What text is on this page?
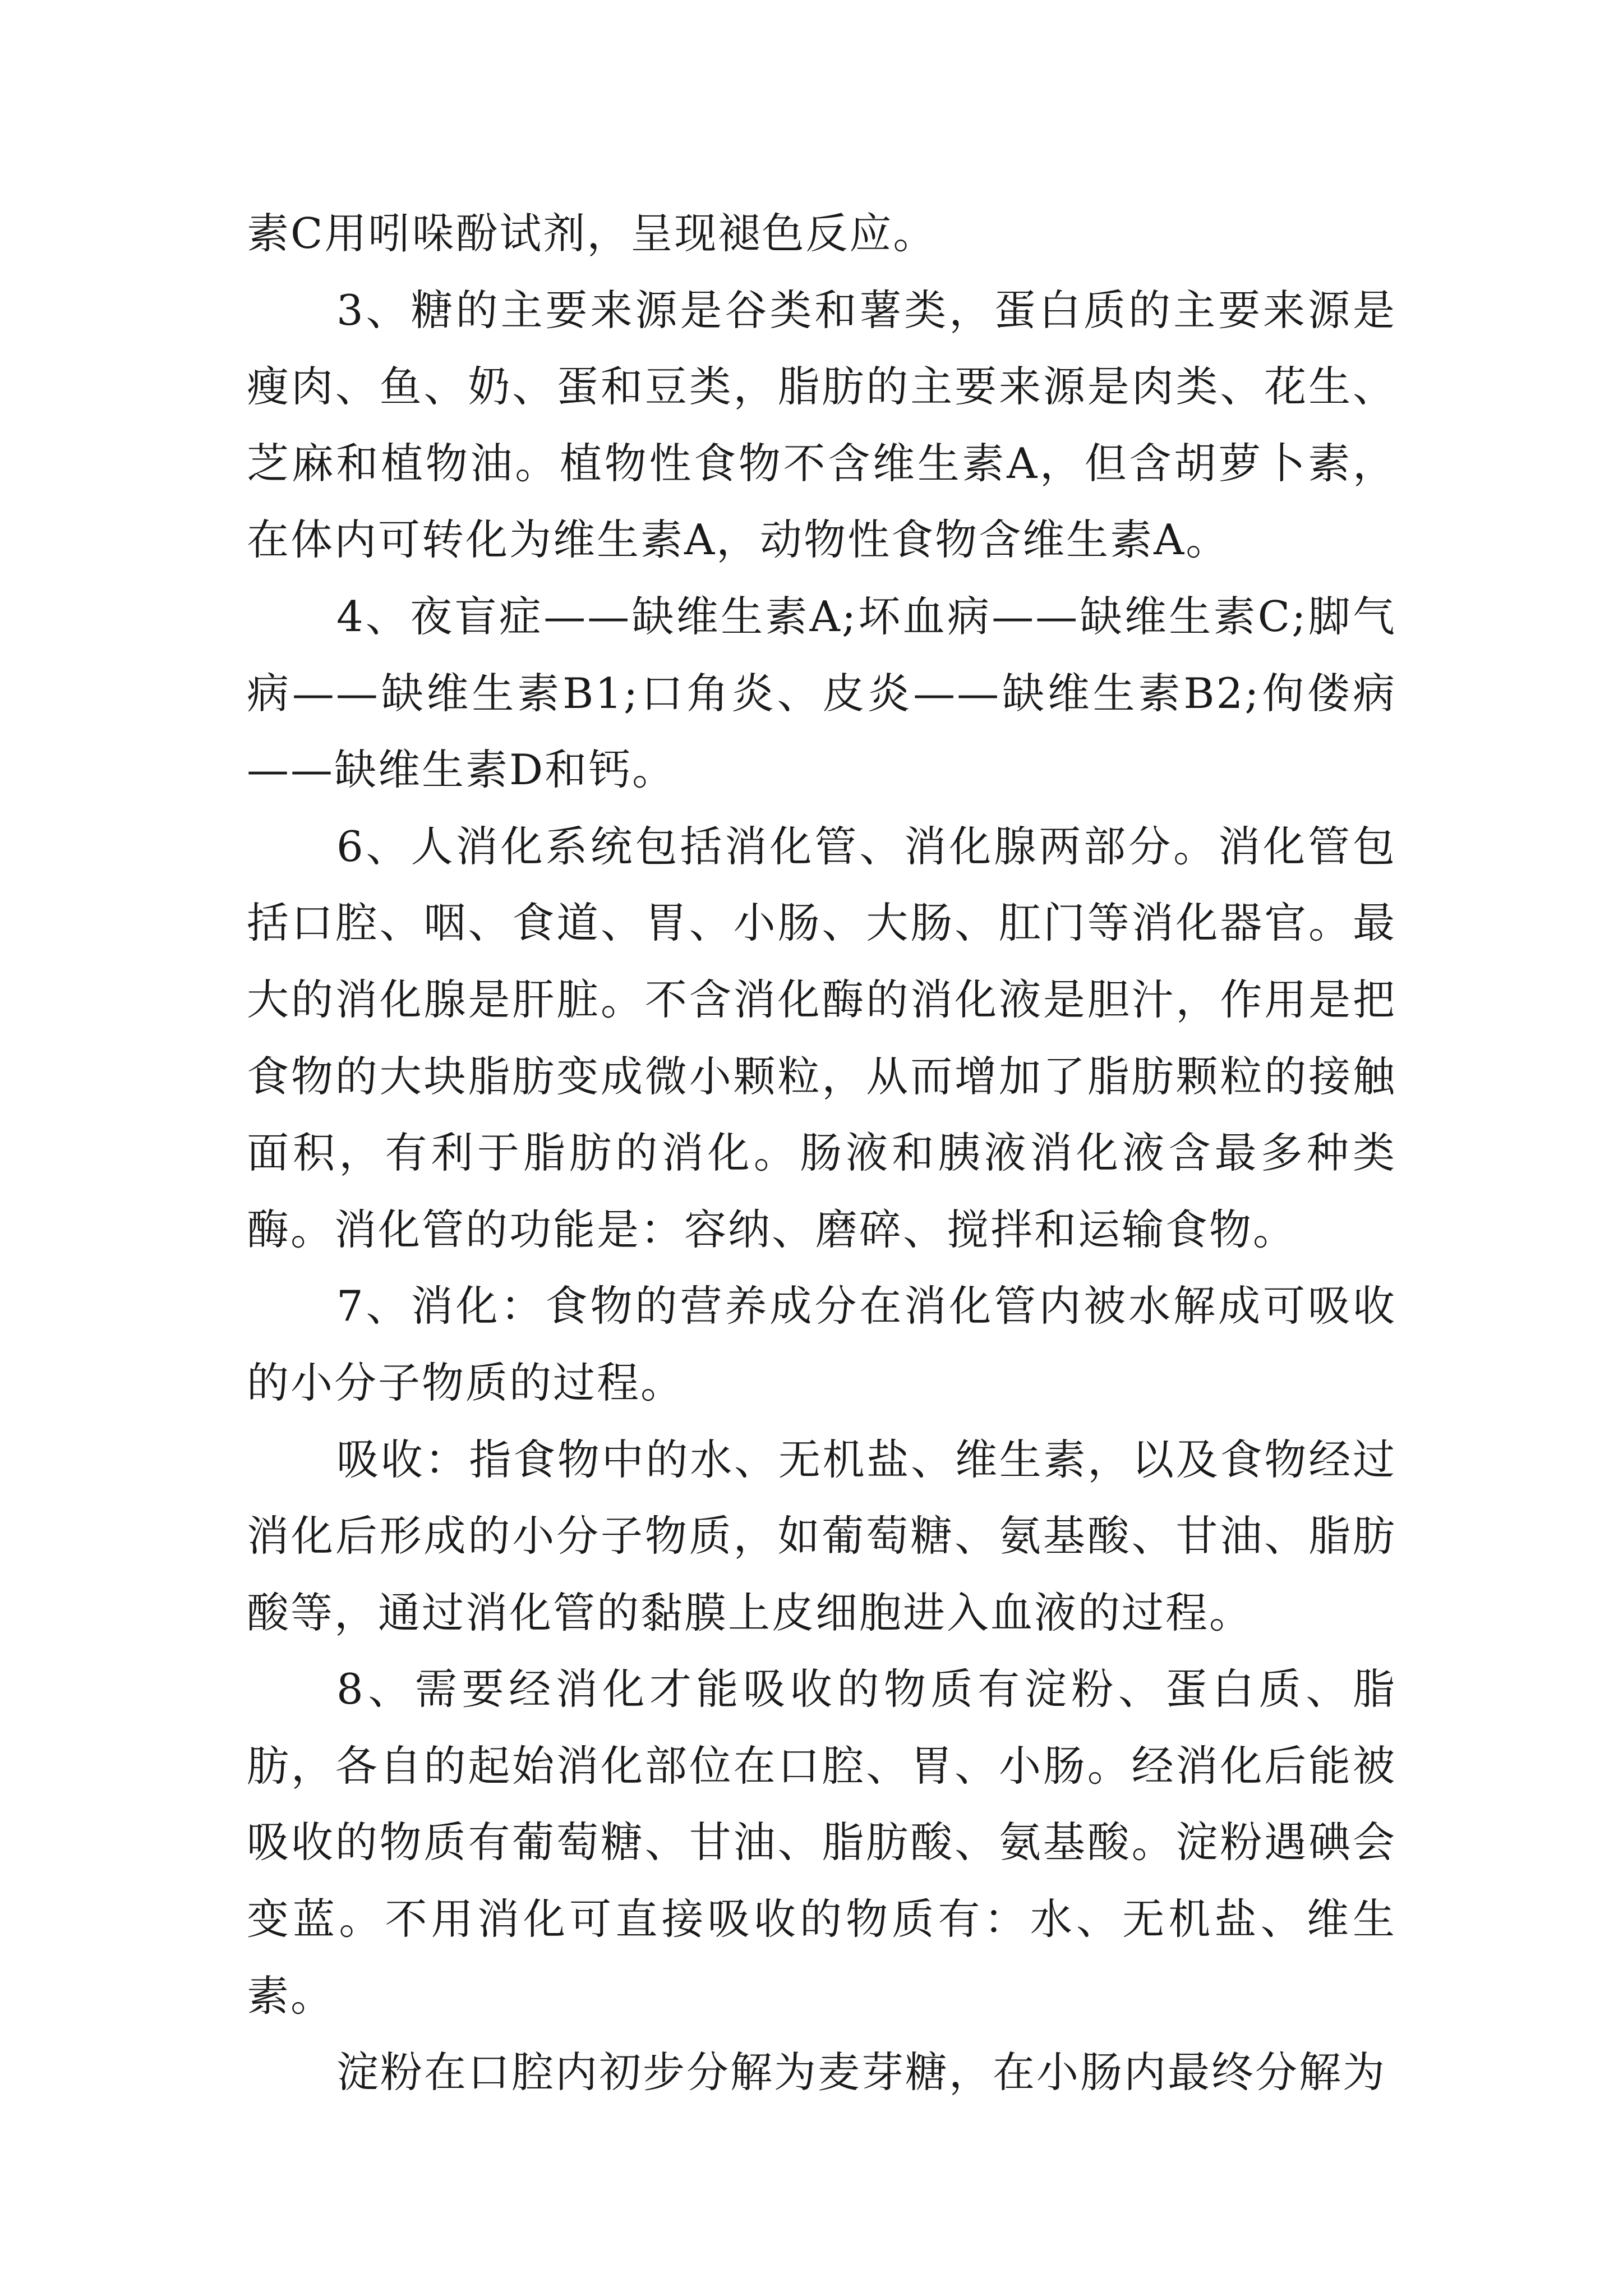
素C用吲哚酚试剂，呈现褪色反应。

3、糖的主要来源是谷类和薯类，蛋白质的主要来源是瘦肉、鱼、奶、蛋和豆类，脂肪的主要来源是肉类、花生、芝麻和植物油。植物性食物不含维生素A，但含胡萝卜素，在体内可转化为维生素A，动物性食物含维生素A。

4、夜盲症——缺维生素A;坏血病——缺维生素C;脚气病——缺维生素B1;口角炎、皮炎——缺维生素B2;佝偻病——缺维生素D和钙。

6、人消化系统包括消化管、消化腺两部分。消化管包括口腔、咽、食道、胃、小肠、大肠、肛门等消化器官。最大的消化腺是肝脏。不含消化酶的消化液是胆汁，作用是把食物的大块脂肪变成微小颗粒，从而增加了脂肪颗粒的接触面积，有利于脂肪的消化。肠液和胰液消化液含最多种类酶。消化管的功能是：容纳、磨碎、搅拌和运输食物。

7、消化：食物的营养成分在消化管内被水解成可吸收的小分子物质的过程。

吸收：指食物中的水、无机盐、维生素，以及食物经过消化后形成的小分子物质，如葡萄糖、氨基酸、甘油、脂肪酸等，通过消化管的黏膜上皮细胞进入血液的过程。

8、需要经消化才能吸收的物质有淀粉、蛋白质、脂肪，各自的起始消化部位在口腔、胃、小肠。经消化后能被吸收的物质有葡萄糖、甘油、脂肪酸、氨基酸。淀粉遇碘会变蓝。不用消化可直接吸收的物质有：水、无机盐、维生素。

淀粉在口腔内初步分解为麦芽糖，在小肠内最终分解为
